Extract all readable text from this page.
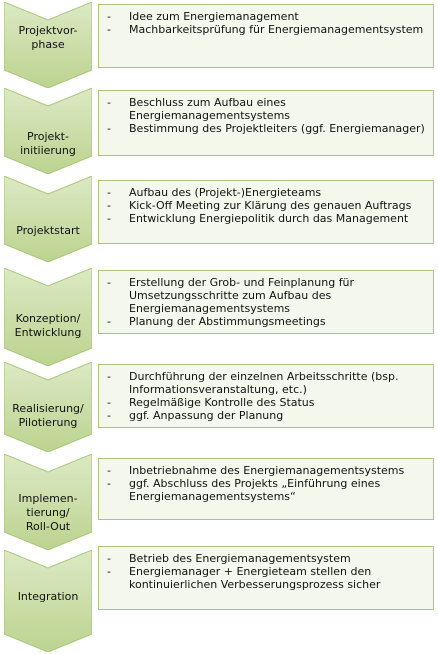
Projektvor-
phase
-	Idee zum Energiemanagement
-	Machbarkeitsprüfung für Energiemanagementsystem
Projekt-
initiierung
-	Beschluss zum Aufbau eines Energiemanagementsystems
-	Bestimmung des Projektleiters (ggf. Energiemanager)
Projektstart
-	Aufbau des (Projekt-)Energieteams
-	Kick-Off Meeting zur Klärung des genauen Auftrags
-	Entwicklung Energiepolitik durch das Management
Konzeption/
Entwicklung
-	Erstellung der Grob- und Feinplanung für Umsetzungsschritte zum Aufbau des Energiemanagementsystems
-	Planung der Abstimmungsmeetings
Realisierung/
Pilotierung
-	Durchführung der einzelnen Arbeitsschritte (bsp. Informationsveranstaltung, etc.)
-	Regelmäßige Kontrolle des Status
-	ggf. Anpassung der Planung
Implemen-
tierung/
Roll-Out
-	Inbetriebnahme des Energiemanagementsystems
-	ggf. Abschluss des Projekts „Einführung eines Energiemanagementsystems“
Integration
-	Betrieb des Energiemanagementsystem
-	Energiemanager + Energieteam stellen den kontinuierlichen Verbesserungsprozess sicher
